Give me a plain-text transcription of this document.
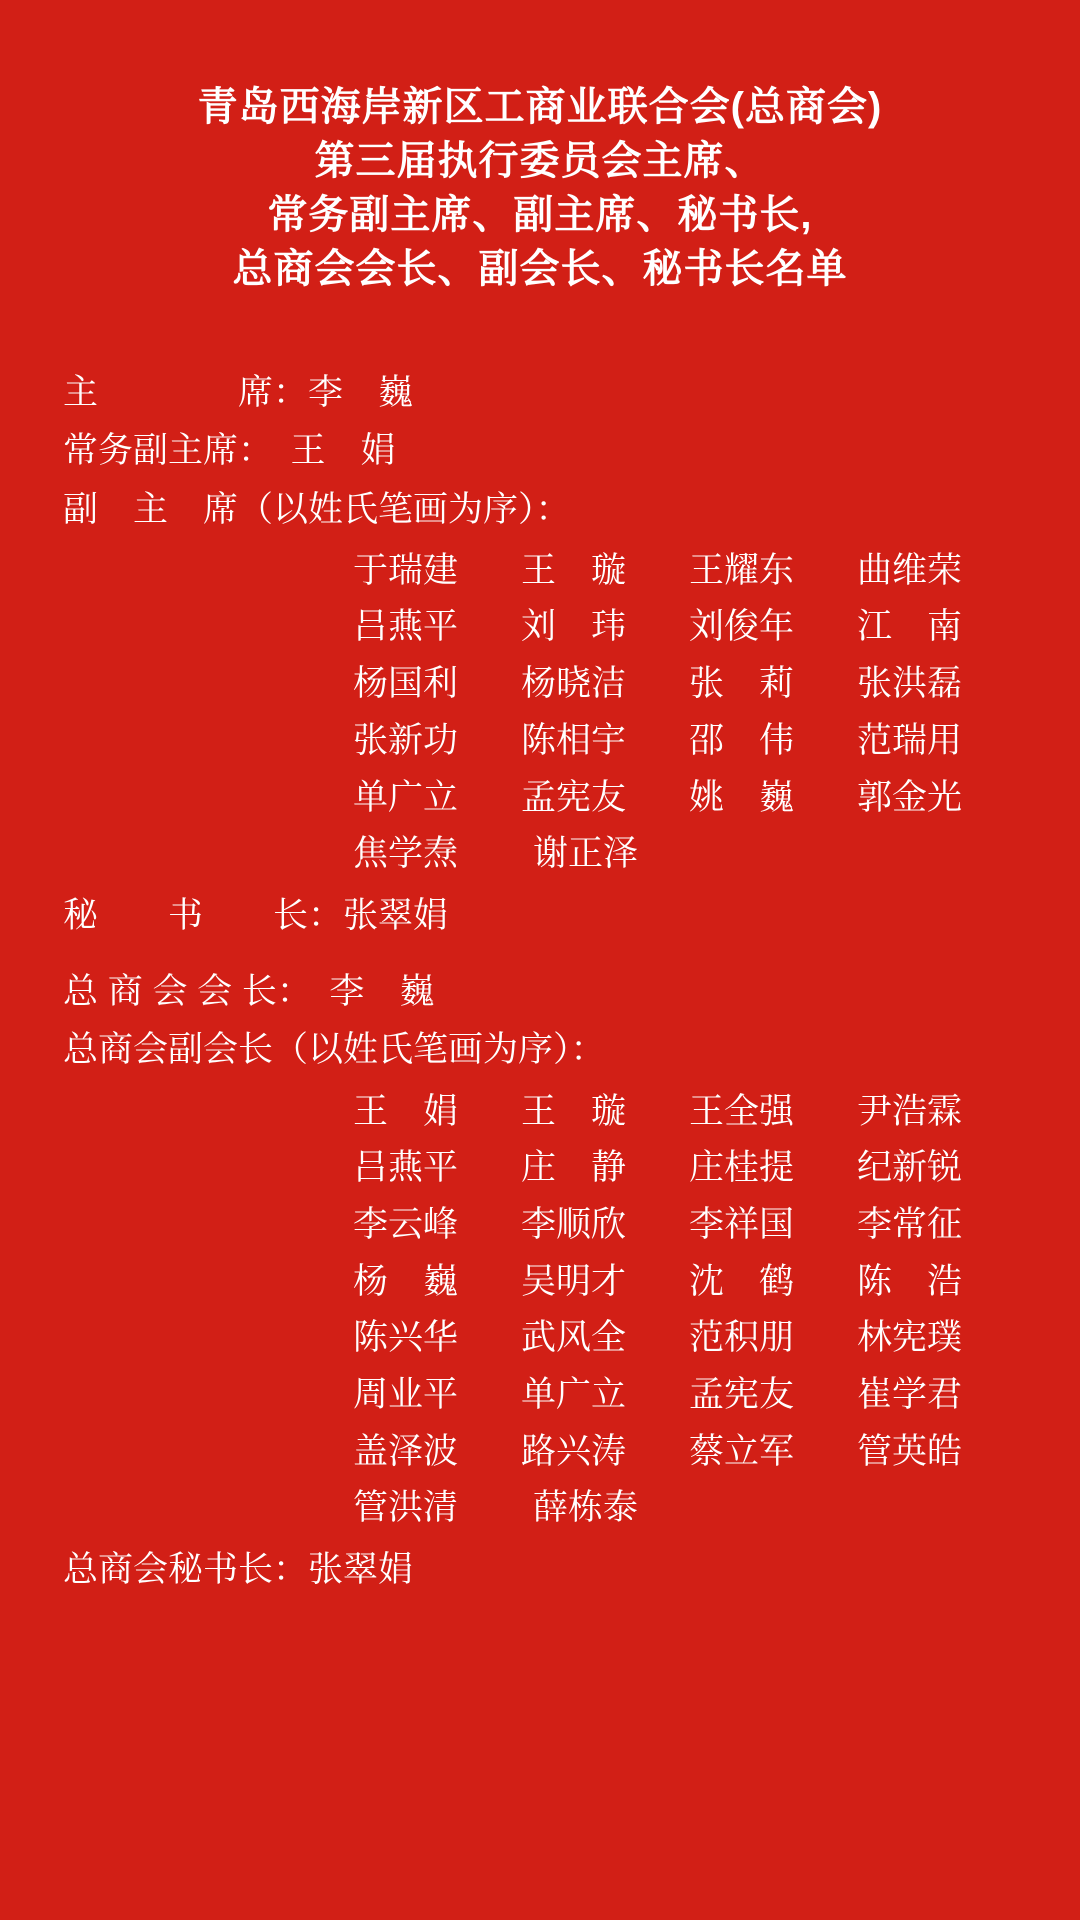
青岛西海岸新区工商业联合会(总商会)
第三届执行委员会主席、
常务副主席、副主席、秘书长,
总商会会长、副会长、秘书长名单
主　　　　席：李　巍
常务副主席：　王　娟
副　主　席（以姓氏笔画为序）：
于瑞建	王　璇	王耀东	曲维荣
吕燕平	刘　玮	刘俊年	江　南
杨国利	杨晓洁	张　莉	张洪磊
张新功	陈相宇	邵　伟	范瑞用
单广立	孟宪友	姚　巍	郭金光
焦学焘	谢正泽
秘　　书　　长：张翠娟
总 商 会 会 长：　李　巍
总商会副会长（以姓氏笔画为序）：
王　娟	王　璇	王全强	尹浩霖
吕燕平	庄　静	庄桂提	纪新锐
李云峰	李顺欣	李祥国	李常征
杨　巍	吴明才	沈　鹤	陈　浩
陈兴华	武风全	范积朋	林宪璞
周业平	单广立	孟宪友	崔学君
盖泽波	路兴涛	蔡立军	管英皓
管洪清	薛栋泰
总商会秘书长：张翠娟
